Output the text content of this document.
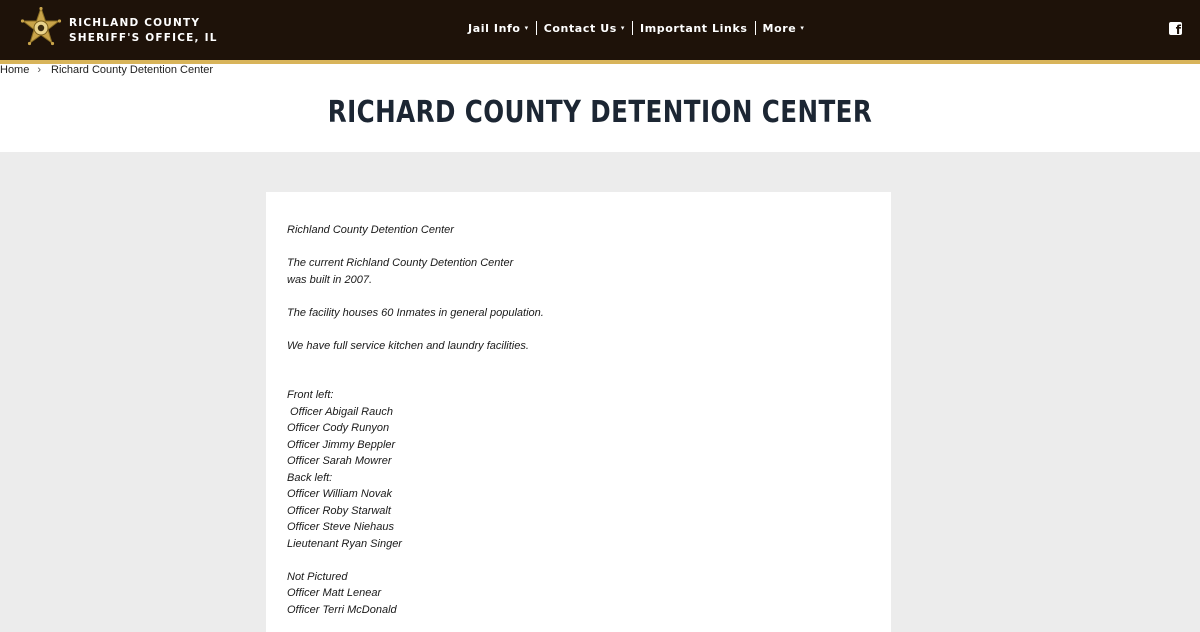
RICHLAND COUNTY
SHERIFF'S OFFICE, IL
Jail Info ▾ Contact Us ▾ Important Links More ▾	f
Home › Richard County Detention Center
RICHARD COUNTY DETENTION CENTER

Richland County Detention Center

The current Richland County Detention Center
was built in 2007.

The facility houses 60 Inmates in general population.

We have full service kitchen and laundry facilities.

Front left:
Officer Abigail Rauch
Officer Cody Runyon
Officer Jimmy Beppler
Officer Sarah Mowrer
Back left:
Officer William Novak
Officer Roby Starwalt
Officer Steve Niehaus
Lieutenant Ryan Singer
Not Pictured
Officer Matt Lenear
Officer Terri McDonald
